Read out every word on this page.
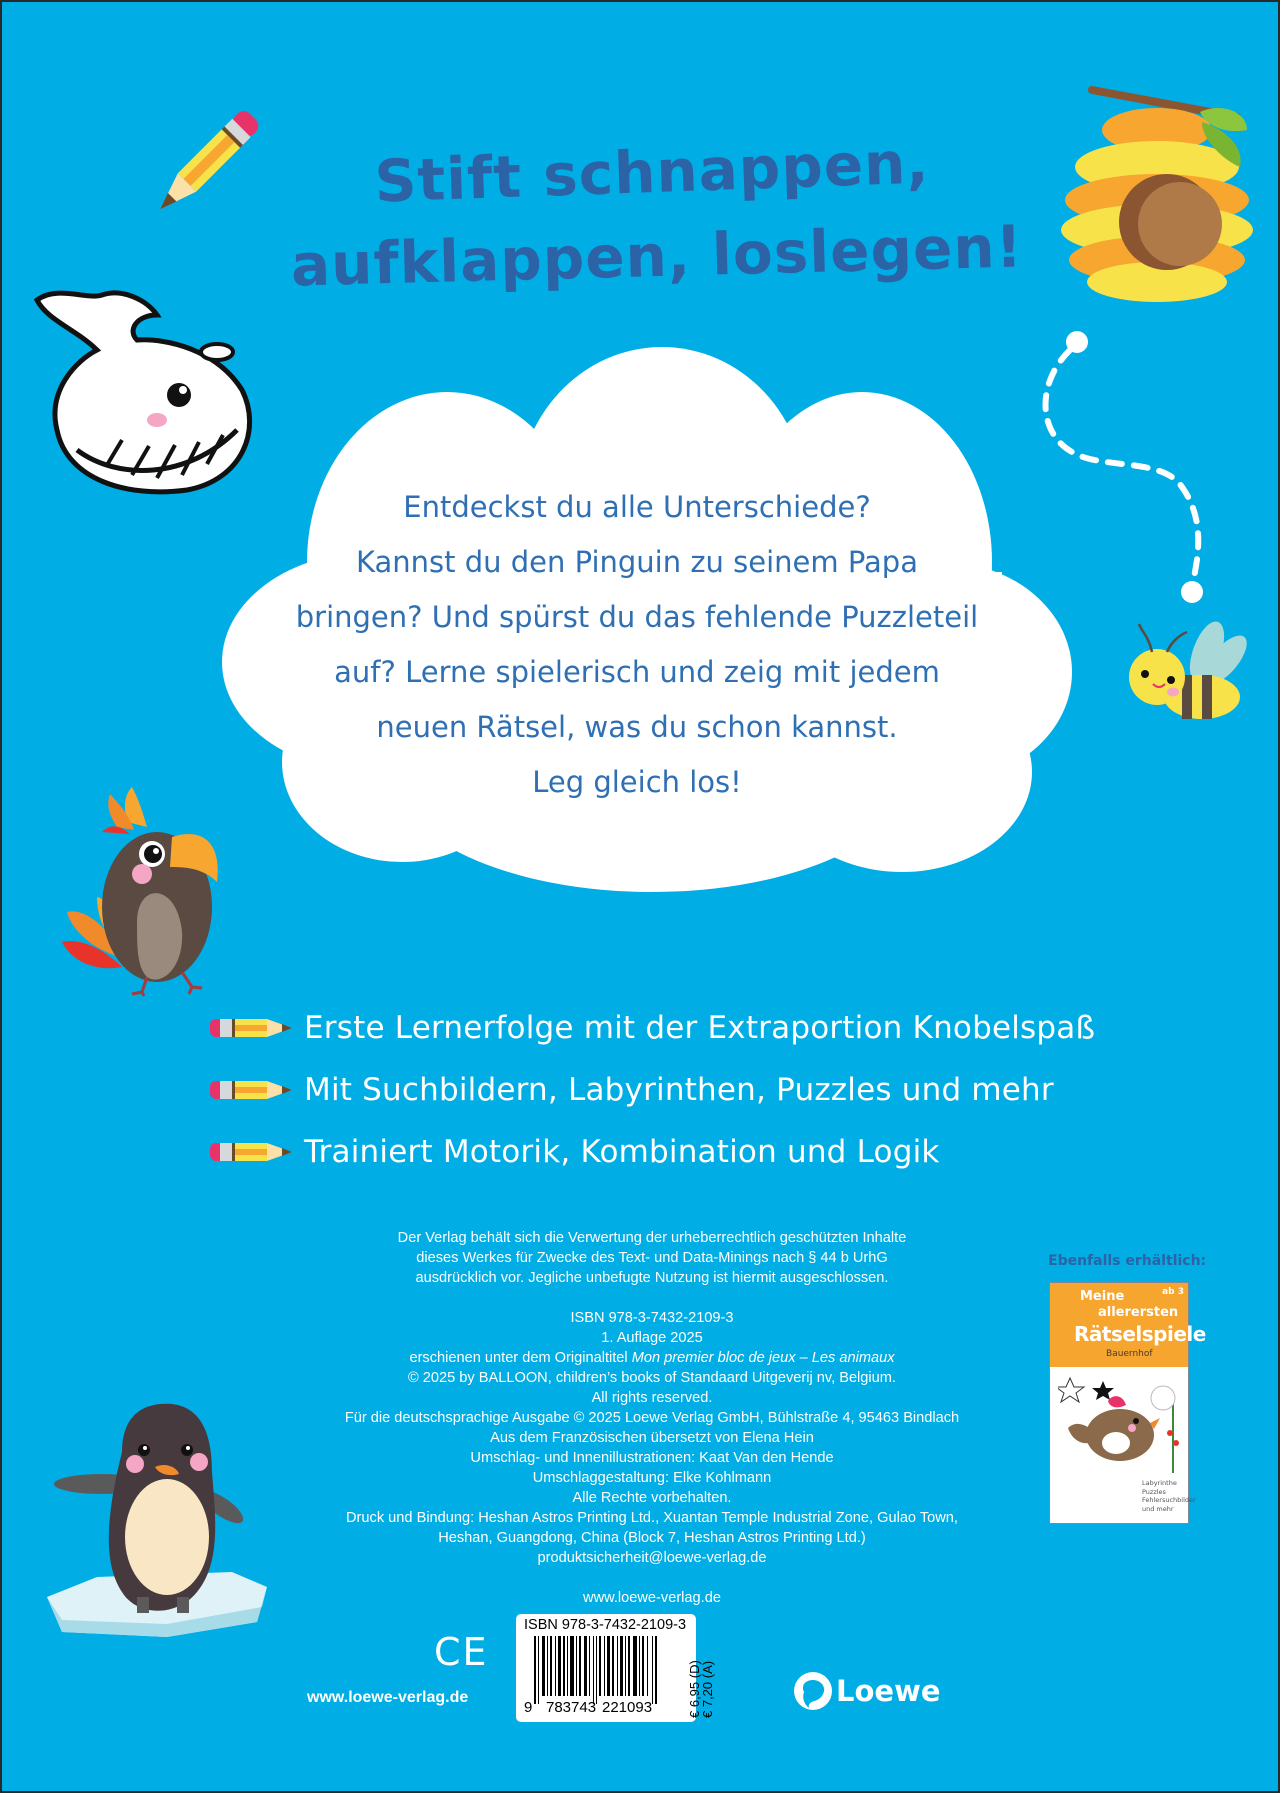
Stift schnappen,
aufklappen, loslegen!
Entdeckst du alle Unterschiede?
Kannst du den Pinguin zu seinem Papa
bringen? Und spürst du das fehlende Puzzleteil
auf? Lerne spielerisch und zeig mit jedem
neuen Rätsel, was du schon kannst.
Leg gleich los!
Erste Lernerfolge mit der Extraportion Knobelspaß
Mit Suchbildern, Labyrinthen, Puzzles und mehr
Trainiert Motorik, Kombination und Logik
Der Verlag behält sich die Verwertung der urheberrechtlich geschützten Inhalte
dieses Werkes für Zwecke des Text- und Data-Minings nach § 44 b UrhG
ausdrücklich vor. Jegliche unbefugte Nutzung ist hiermit ausgeschlossen.
ISBN 978-3-7432-2109-3
1. Auflage 2025
erschienen unter dem Originaltitel Mon premier bloc de jeux – Les animaux
© 2025 by BALLOON, children’s books of Standaard Uitgeverij nv, Belgium.
All rights reserved.
Für die deutschsprachige Ausgabe © 2025 Loewe Verlag GmbH, Bühlstraße 4, 95463 Bindlach
Aus dem Französischen übersetzt von Elena Hein
Umschlag- und Innenillustrationen: Kaat Van den Hende
Umschlaggestaltung: Elke Kohlmann
Alle Rechte vorbehalten.
Druck und Bindung: Heshan Astros Printing Ltd., Xuantan Temple Industrial Zone, Gulao Town,
Heshan, Guangdong, China (Block 7, Heshan Astros Printing Ltd.)
produktsicherheit@loewe-verlag.de
www.loewe-verlag.de
Ebenfalls erhältlich:
Meine
allerersten
Rätselspiele
Bauernhof
ab 3
Labyrinthe
Puzzles
Fehlersuchbilder
und mehr
CE
ISBN 978-3-7432-2109-3
9 783743 221093	€ 6,95 (D)
€ 7,20 (A)
www.loewe-verlag.de	Loewe
